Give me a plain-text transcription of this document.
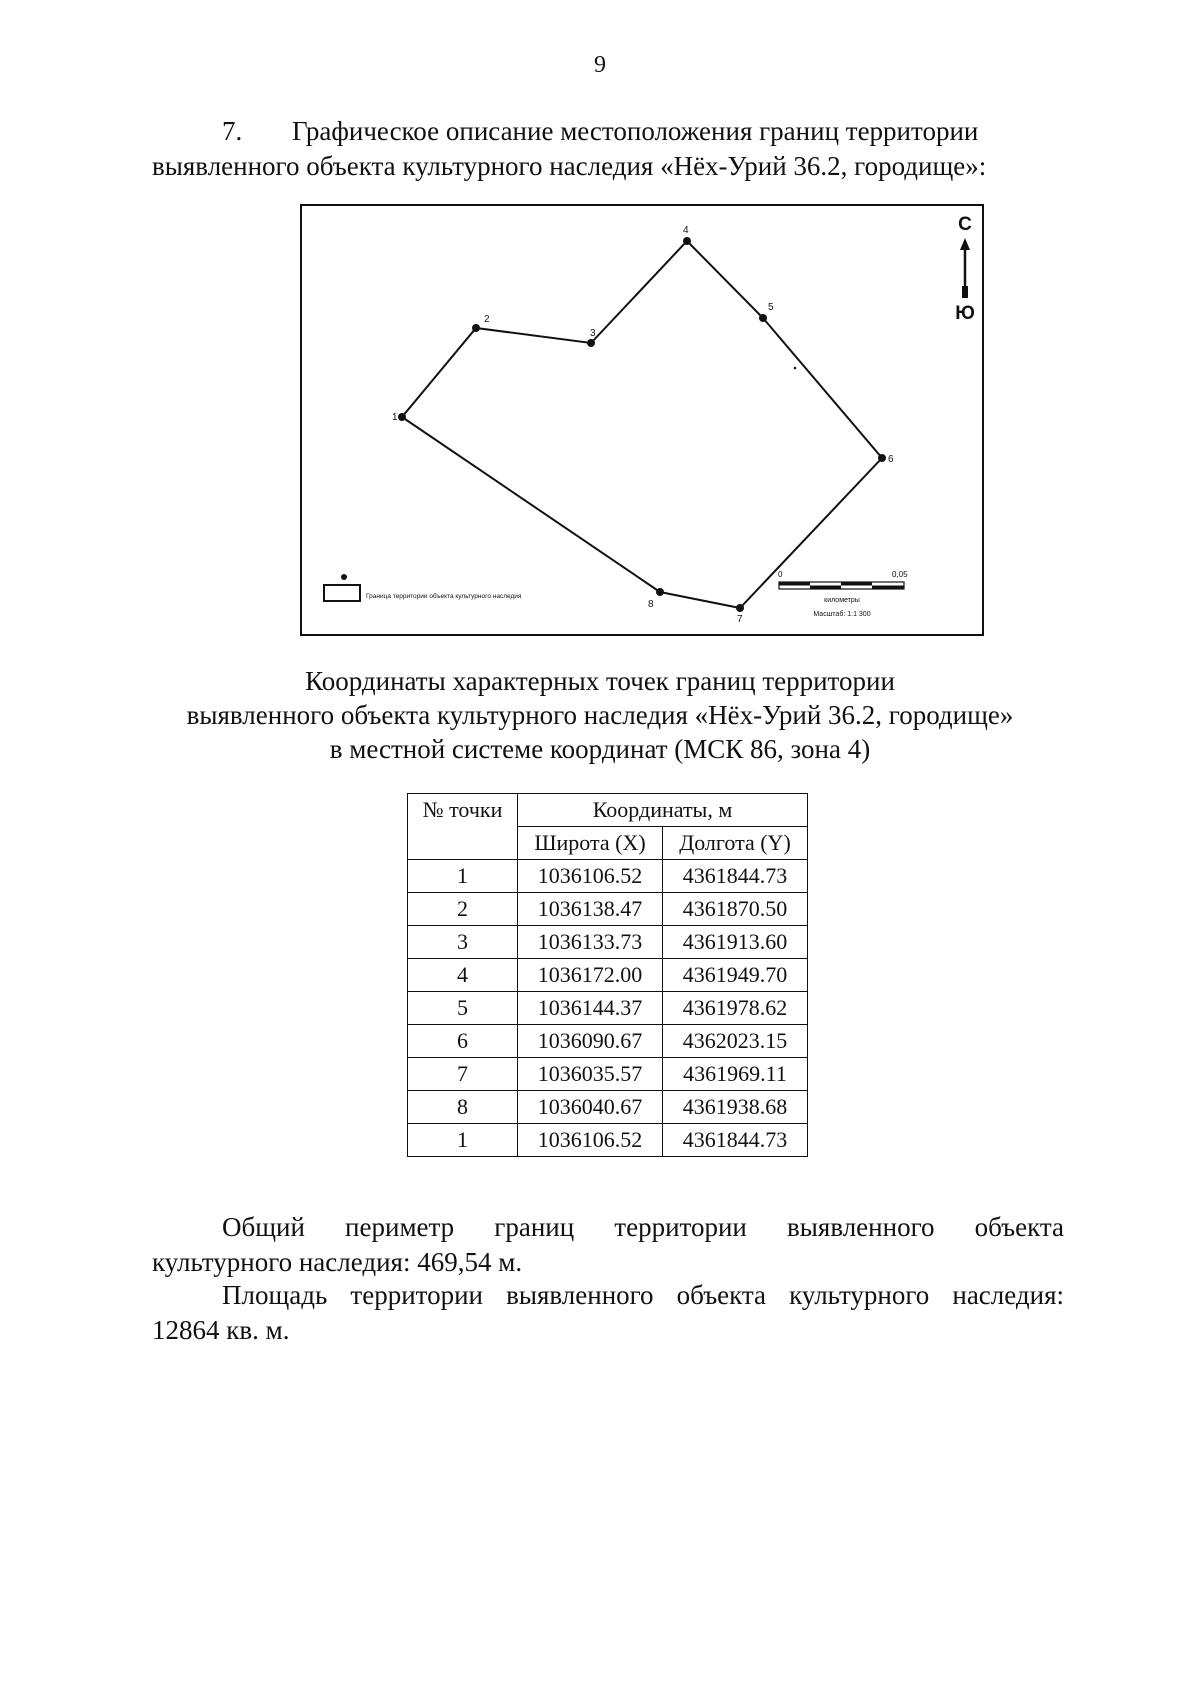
9
7. Графическое описание местоположения границ территории
выявленного объекта культурного наследия «Нёх-Урий 36.2, городище»:
1
2
3
4
5
6
7
8
С
Ю
Граница территории объекта культурного наследия
0	0,05
километры
Масштаб: 1:1 300
Координаты характерных точек границ территории
выявленного объекта культурного наследия «Нёх-Урий 36.2, городище»
в местной системе координат (МСК 86, зона 4)
№ точки	Координаты, м	
	Широта (X)	Долгота (Y)
1	1036106.52	4361844.73
2	1036138.47	4361870.50
3	1036133.73	4361913.60
4	1036172.00	4361949.70
5	1036144.37	4361978.62
6	1036090.67	4362023.15
7	1036035.57	4361969.11
8	1036040.67	4361938.68
1	1036106.52	4361844.73
Общий периметр границ территории выявленного объекта
культурного наследия: 469,54 м.
Площадь территории выявленного объекта культурного наследия:
12864 кв. м.
